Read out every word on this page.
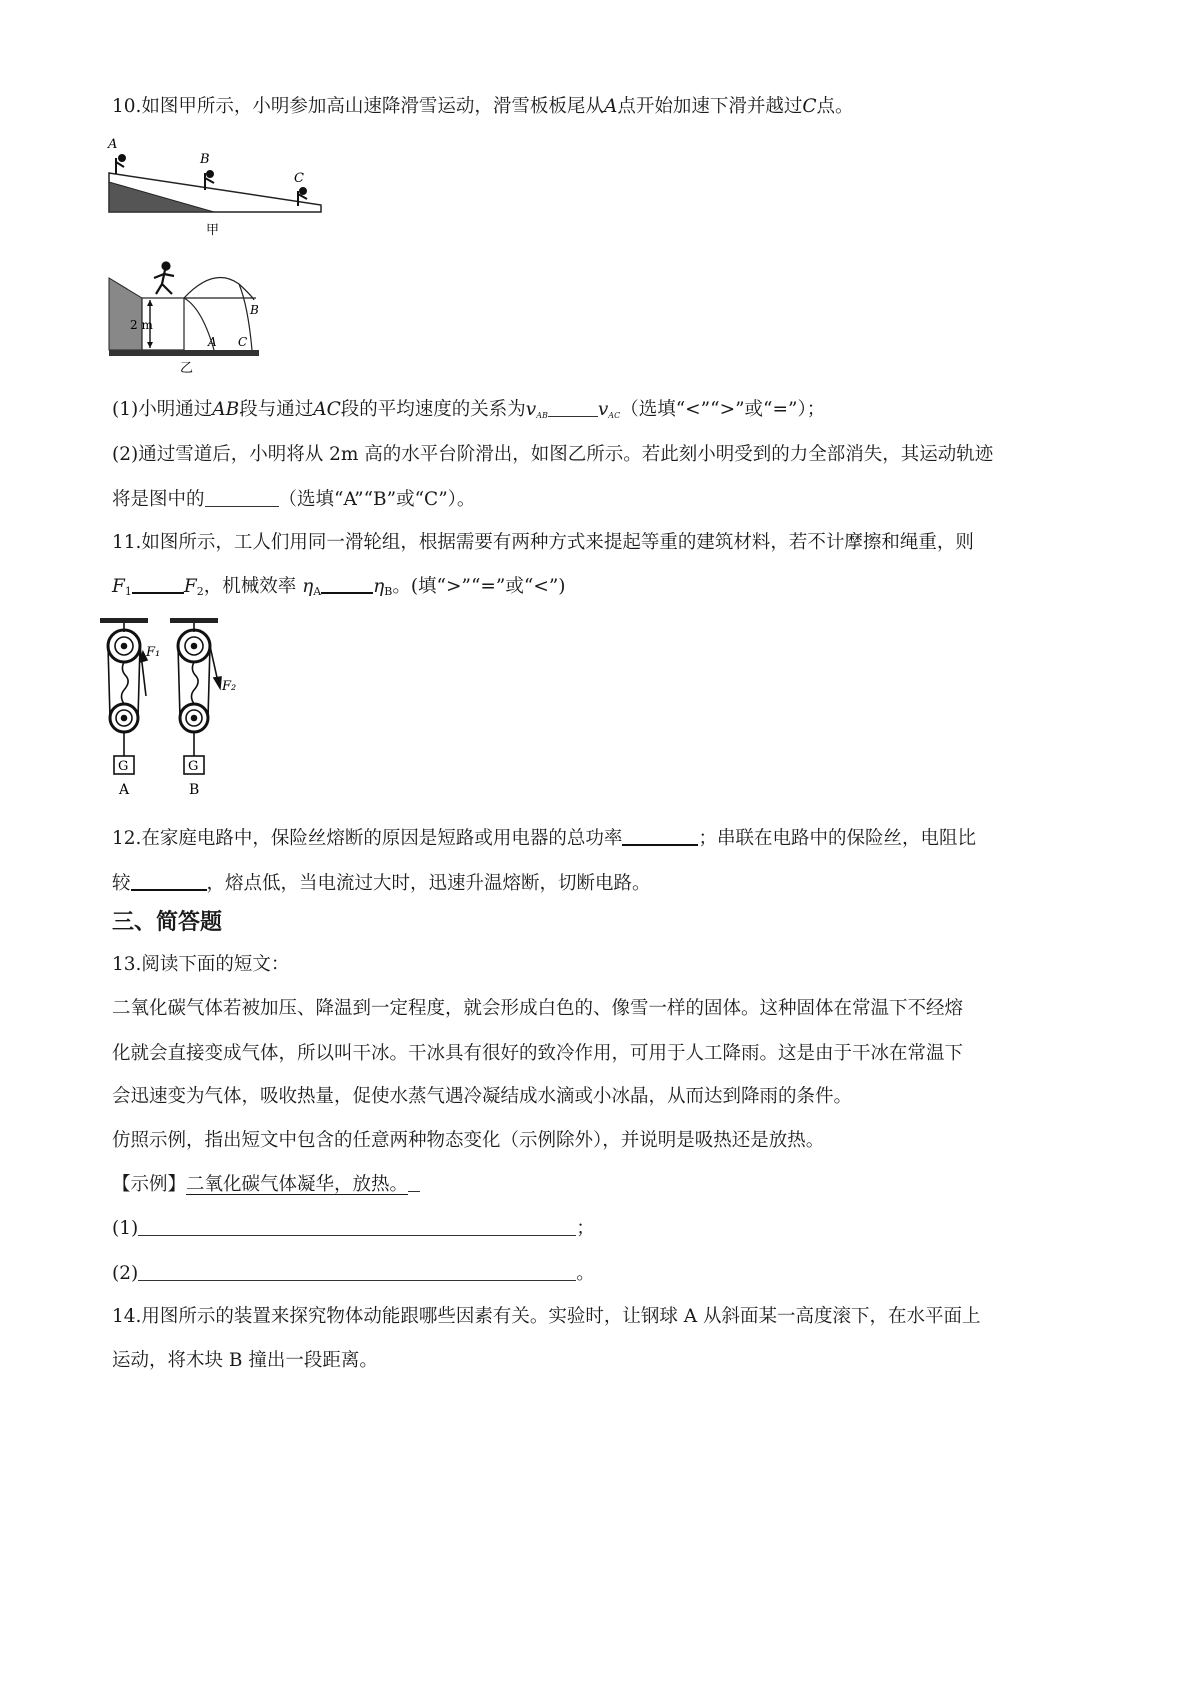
10.如图甲所示，小明参加高山速降滑雪运动，滑雪板板尾从A点开始加速下滑并越过C点。
A
B
C
甲
2 m
A
B
C
乙
(1)小明通过AB段与通过AC段的平均速度的关系为vAB	vAC（选填“<”“>”或“=”）；
(2)通过雪道后，小明将从 2m 高的水平台阶滑出，如图乙所示。若此刻小明受到的力全部消失，其运动轨迹
将是图中的	（选填“A”“B”或“C”）。
11.如图所示，工人们用同一滑轮组，根据需要有两种方式来提起等重的建筑材料，若不计摩擦和绳重，则
$F_1$	$F_2$，机械效率 $\eta_A$	$\eta_B$。(填“>”“=”或“<”)
F₁
F₂
G	G
A	B
12.在家庭电路中，保险丝熔断的原因是短路或用电器的总功率	；串联在电路中的保险丝，电阻比
较	，熔点低，当电流过大时，迅速升温熔断，切断电路。
三、简答题
13.阅读下面的短文：
二氧化碳气体若被加压、降温到一定程度，就会形成白色的、像雪一样的固体。这种固体在常温下不经熔
化就会直接变成气体，所以叫干冰。干冰具有很好的致冷作用，可用于人工降雨。这是由于干冰在常温下
会迅速变为气体，吸收热量，促使水蒸气遇冷凝结成水滴或小冰晶，从而达到降雨的条件。
仿照示例，指出短文中包含的任意两种物态变化（示例除外），并说明是吸热还是放热。
【示例】二氧化碳气体凝华，放热。
(1)	；
(2)	。
14.用图所示的装置来探究物体动能跟哪些因素有关。实验时，让钢球 A 从斜面某一高度滚下，在水平面上
运动，将木块 B 撞出一段距离。
